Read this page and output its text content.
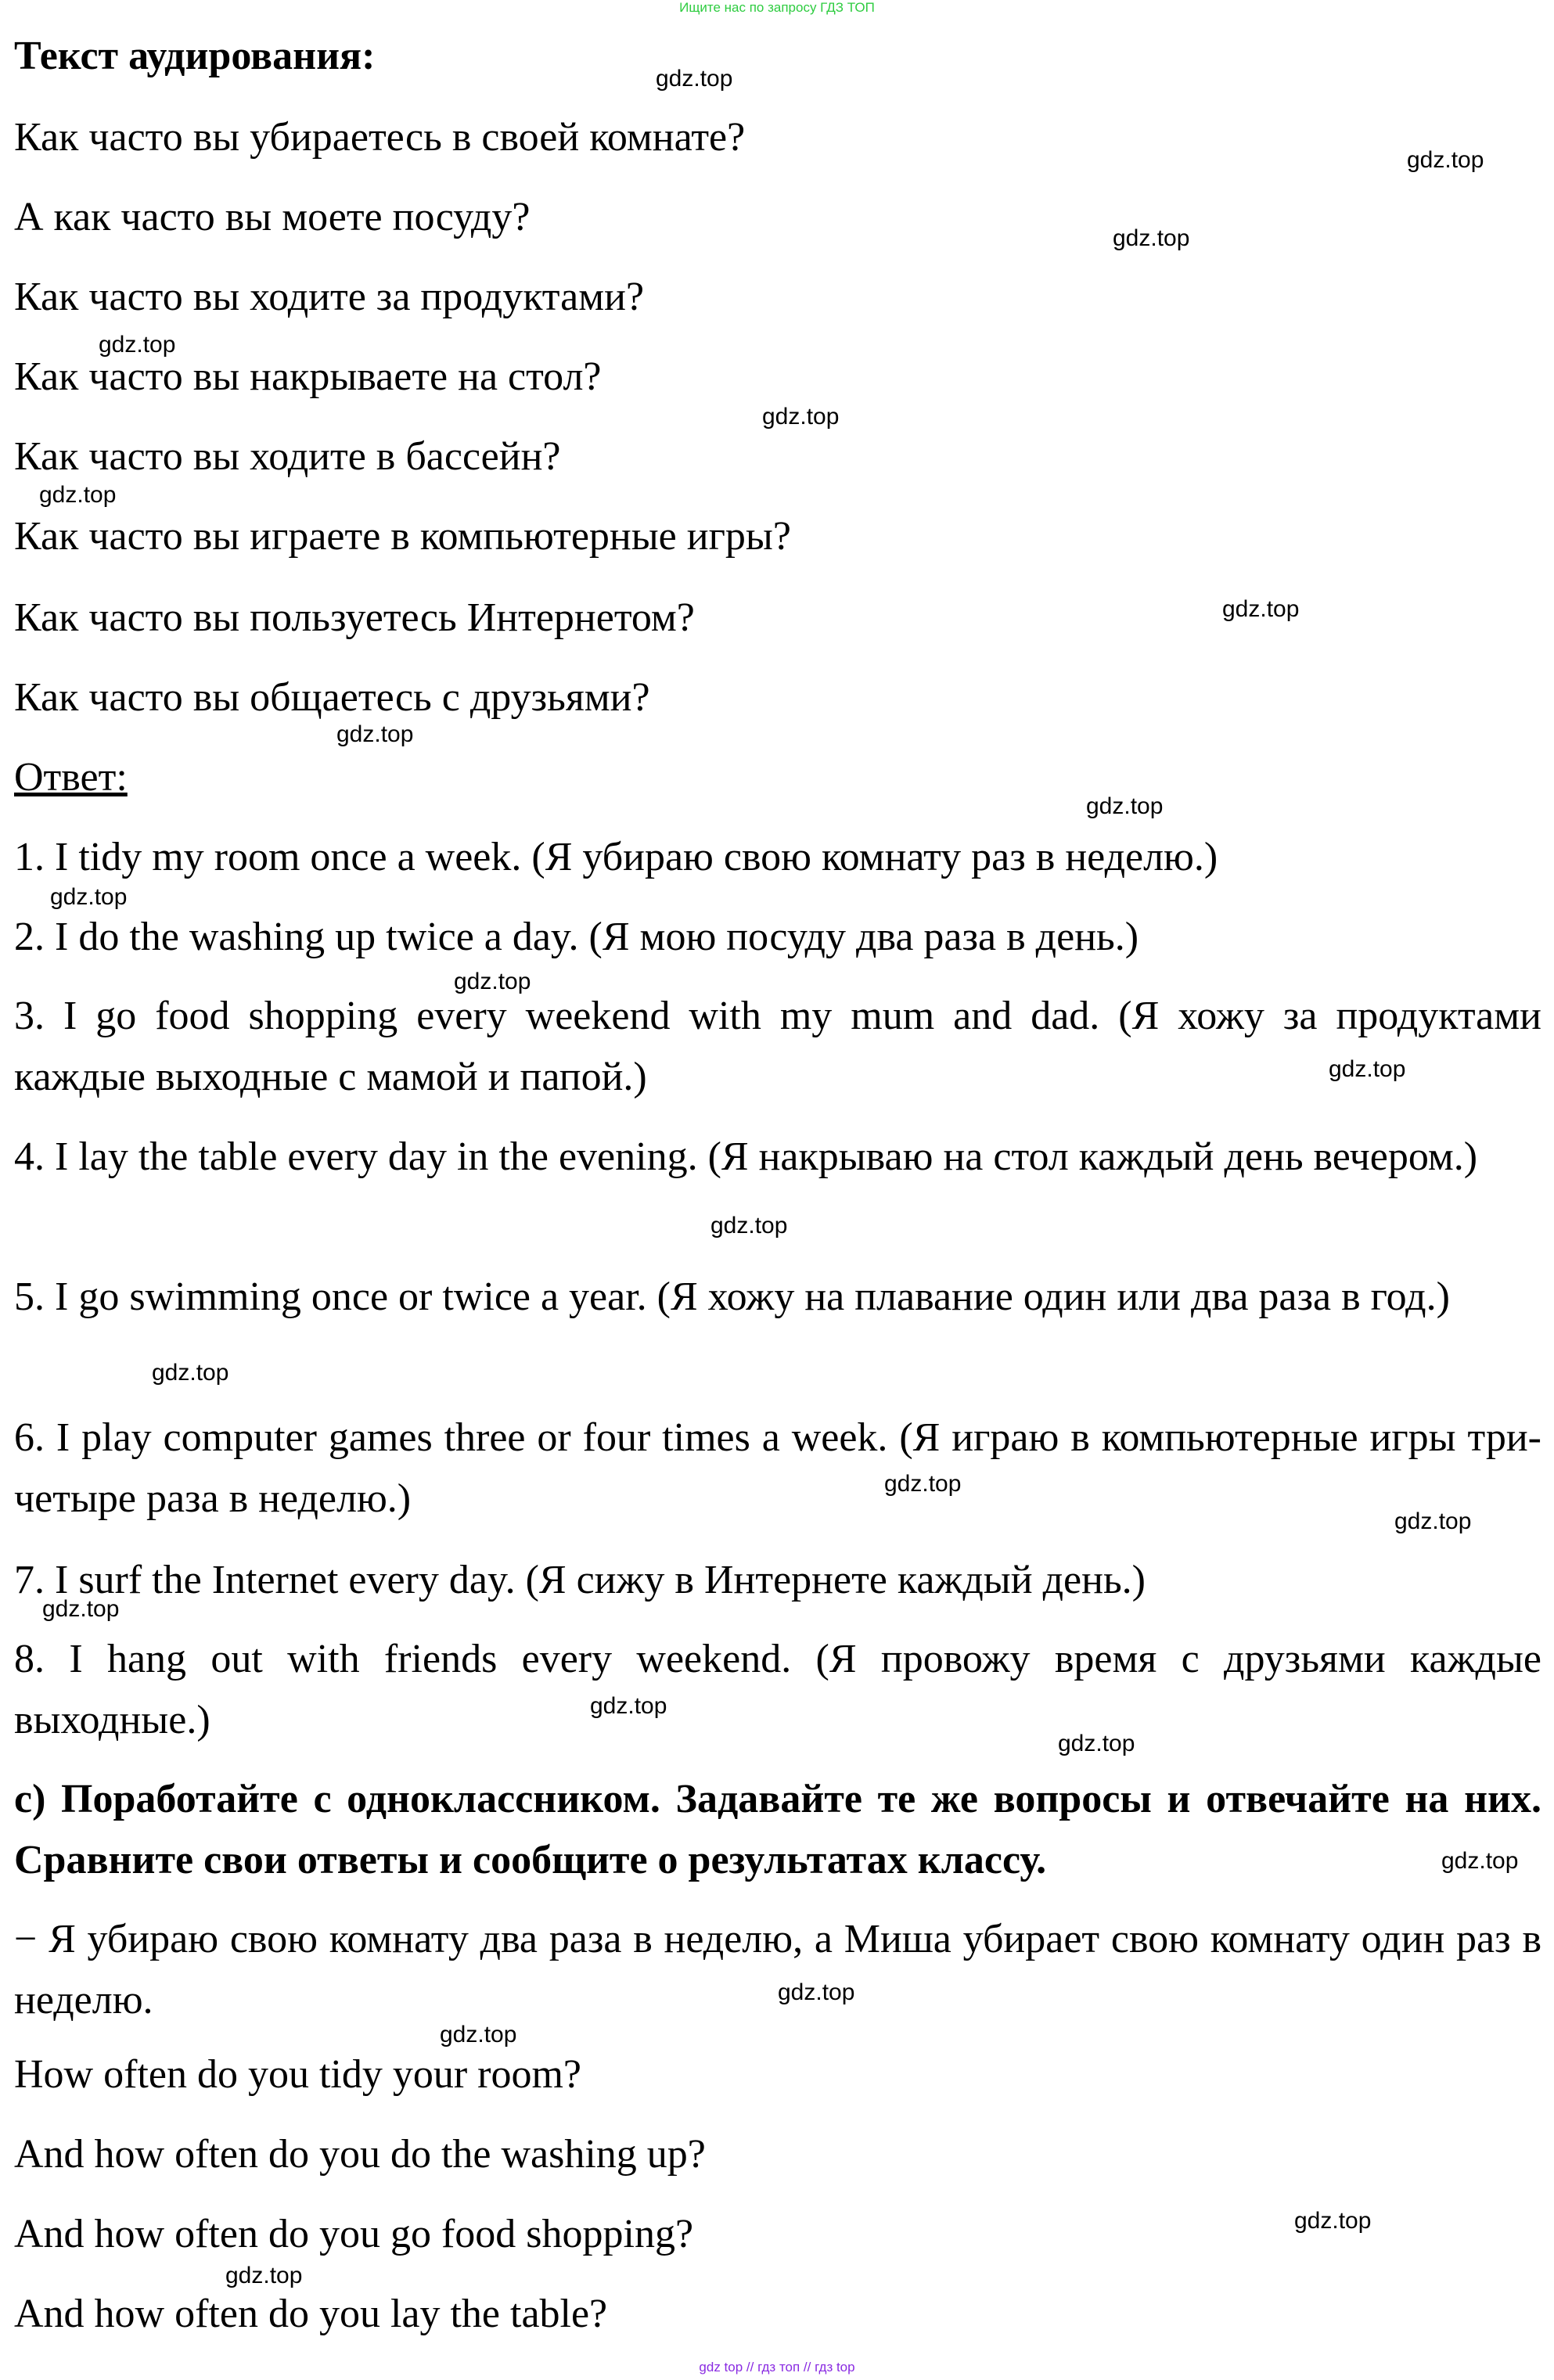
Ищите нас по запросу ГДЗ ТОП
Текст аудирования:
Как часто вы убираетесь в своей комнате?
А как часто вы моете посуду?
Как часто вы ходите за продуктами?
Как часто вы накрываете на стол?
Как часто вы ходите в бассейн?
Как часто вы играете в компьютерные игры?
Как часто вы пользуетесь Интернетом?
Как часто вы общаетесь с друзьями?
Ответ:
1. I tidy my room once a week. (Я убираю свою комнату раз в неделю.)
2. I do the washing up twice a day. (Я мою посуду два раза в день.)
3. I go food shopping every weekend with my mum and dad. (Я хожу за продуктами каждые выходные с мамой и папой.)
4. I lay the table every day in the evening. (Я накрываю на стол каждый день вечером.)
5. I go swimming once or twice a year. (Я хожу на плавание один или два раза в год.)
6. I play computer games three or four times a week. (Я играю в компьютерные игры три-четыре раза в неделю.)
7. I surf the Internet every day. (Я сижу в Интернете каждый день.)
8. I hang out with friends every weekend. (Я провожу время с друзьями каждые выходные.)
c) Поработайте с одноклассником. Задавайте те же вопросы и отвечайте на них. Сравните свои ответы и сообщите о результатах классу.
− Я убираю свою комнату два раза в неделю, а Миша убирает свою комнату один раз в неделю.
How often do you tidy your room?
And how often do you do the washing up?
And how often do you go food shopping?
And how often do you lay the table?
gdz.top
gdz.top
gdz.top
gdz.top
gdz.top
gdz.top
gdz.top
gdz.top
gdz.top
gdz.top
gdz.top
gdz.top
gdz.top
gdz.top
gdz.top
gdz.top
gdz.top
gdz.top
gdz.top
gdz.top
gdz.top
gdz.top
gdz.top
gdz.top
gdz top // гдз топ // гдз top
